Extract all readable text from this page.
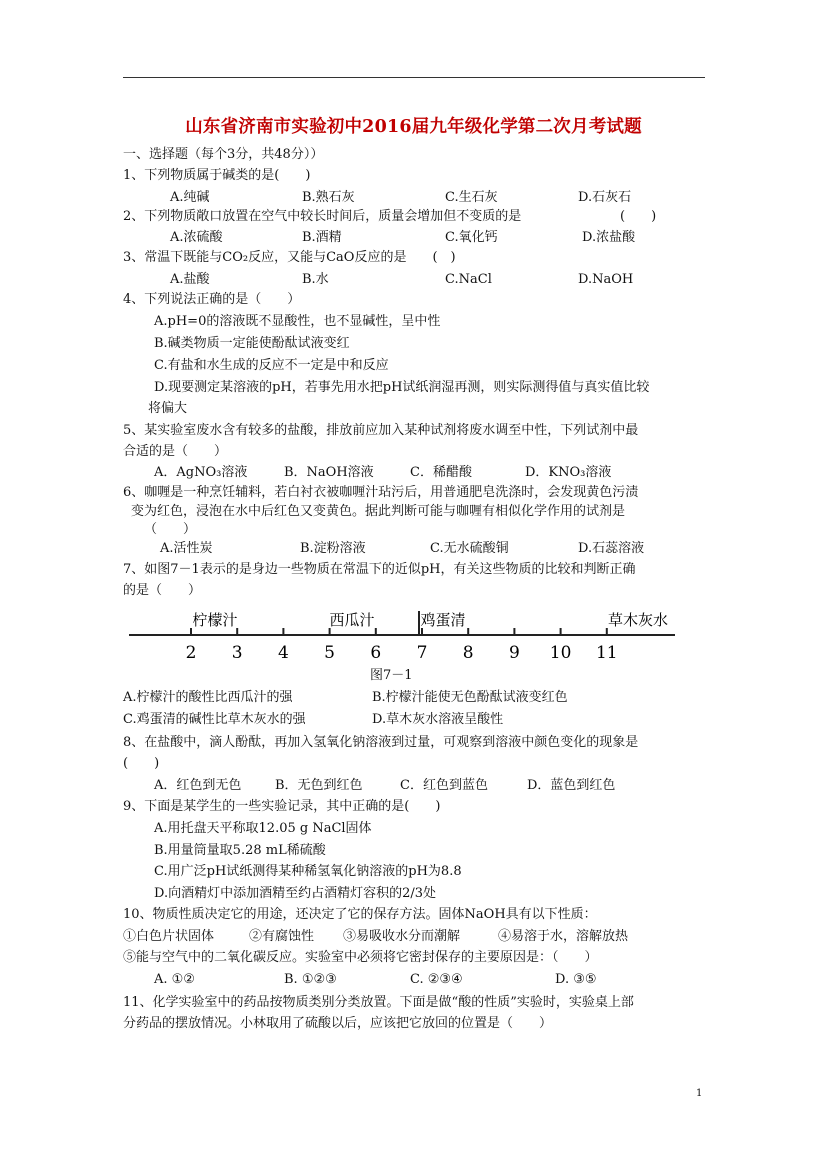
山东省济南市实验初中2016届九年级化学第二次月考试题
一、选择题（每个3分，共48分））
1、下列物质属于碱类的是(　　)
A.纯碱	B.熟石灰	C.生石灰	D.石灰石
2、下列物质敞口放置在空气中较长时间后，质量会增加但不变质的是	(　　)
A.浓硫酸	B.酒精	C.氧化钙	D.浓盐酸
3、常温下既能与CO₂反应，又能与CaO反应的是　　(　)
A.盐酸	B.水	C.NaCl	D.NaOH
4、下列说法正确的是（　　）
A.pH=0的溶液既不显酸性，也不显碱性，呈中性
B.碱类物质一定能使酚酞试液变红
C.有盐和水生成的反应不一定是中和反应
D.现要测定某溶液的pH，若事先用水把pH试纸润湿再测，则实际测得值与真实值比较
将偏大
5、某实验室废水含有较多的盐酸，排放前应加入某种试剂将废水调至中性，下列试剂中最
合适的是（　　）
A．AgNO₃溶液	B．NaOH溶液	C．稀醋酸	D．KNO₃溶液
6、咖喱是一种烹饪辅料，若白衬衣被咖喱汁玷污后，用普通肥皂洗涤时，会发现黄色污渍
变为红色，浸泡在水中后红色又变黄色。据此判断可能与咖喱有相似化学作用的试剂是
（　　）
A.活性炭	B.淀粉溶液	C.无水硫酸铜	D.石蕊溶液
7、如图7－1表示的是身边一些物质在常温下的近似pH，有关这些物质的比较和判断正确
的是（　　）
2 3 4 5 6 7 8 9 10 11
柠檬汁	西瓜汁	鸡蛋清	草木灰水
图7－1
A.柠檬汁的酸性比西瓜汁的强	B.柠檬汁能使无色酚酞试液变红色
C.鸡蛋清的碱性比草木灰水的强	D.草木灰水溶液呈酸性
8、在盐酸中，滴人酚酞，再加入氢氧化钠溶液到过量，可观察到溶液中颜色变化的现象是
(　　)
A．红色到无色	B．无色到红色	C．红色到蓝色	D．蓝色到红色
9、下面是某学生的一些实验记录，其中正确的是(　　)
A.用托盘天平称取12.05 g NaCl固体
B.用量筒量取5.28 mL稀硫酸
C.用广泛pH试纸测得某种稀氢氧化钠溶液的pH为8.8
D.向酒精灯中添加酒精至约占酒精灯容积的2/3处
10、物质性质决定它的用途，还决定了它的保存方法。固体NaOH具有以下性质：
①白色片状固体	②有腐蚀性 ③易吸收水分而潮解	④易溶于水，溶解放热
⑤能与空气中的二氧化碳反应。实验室中必须将它密封保存的主要原因是：（　　）
A. ①②	B. ①②③	C. ②③④	D. ③⑤
11、化学实验室中的药品按物质类别分类放置。下面是做“酸的性质”实验时，实验桌上部
分药品的摆放情况。小林取用了硫酸以后，应该把它放回的位置是（　　）
1
